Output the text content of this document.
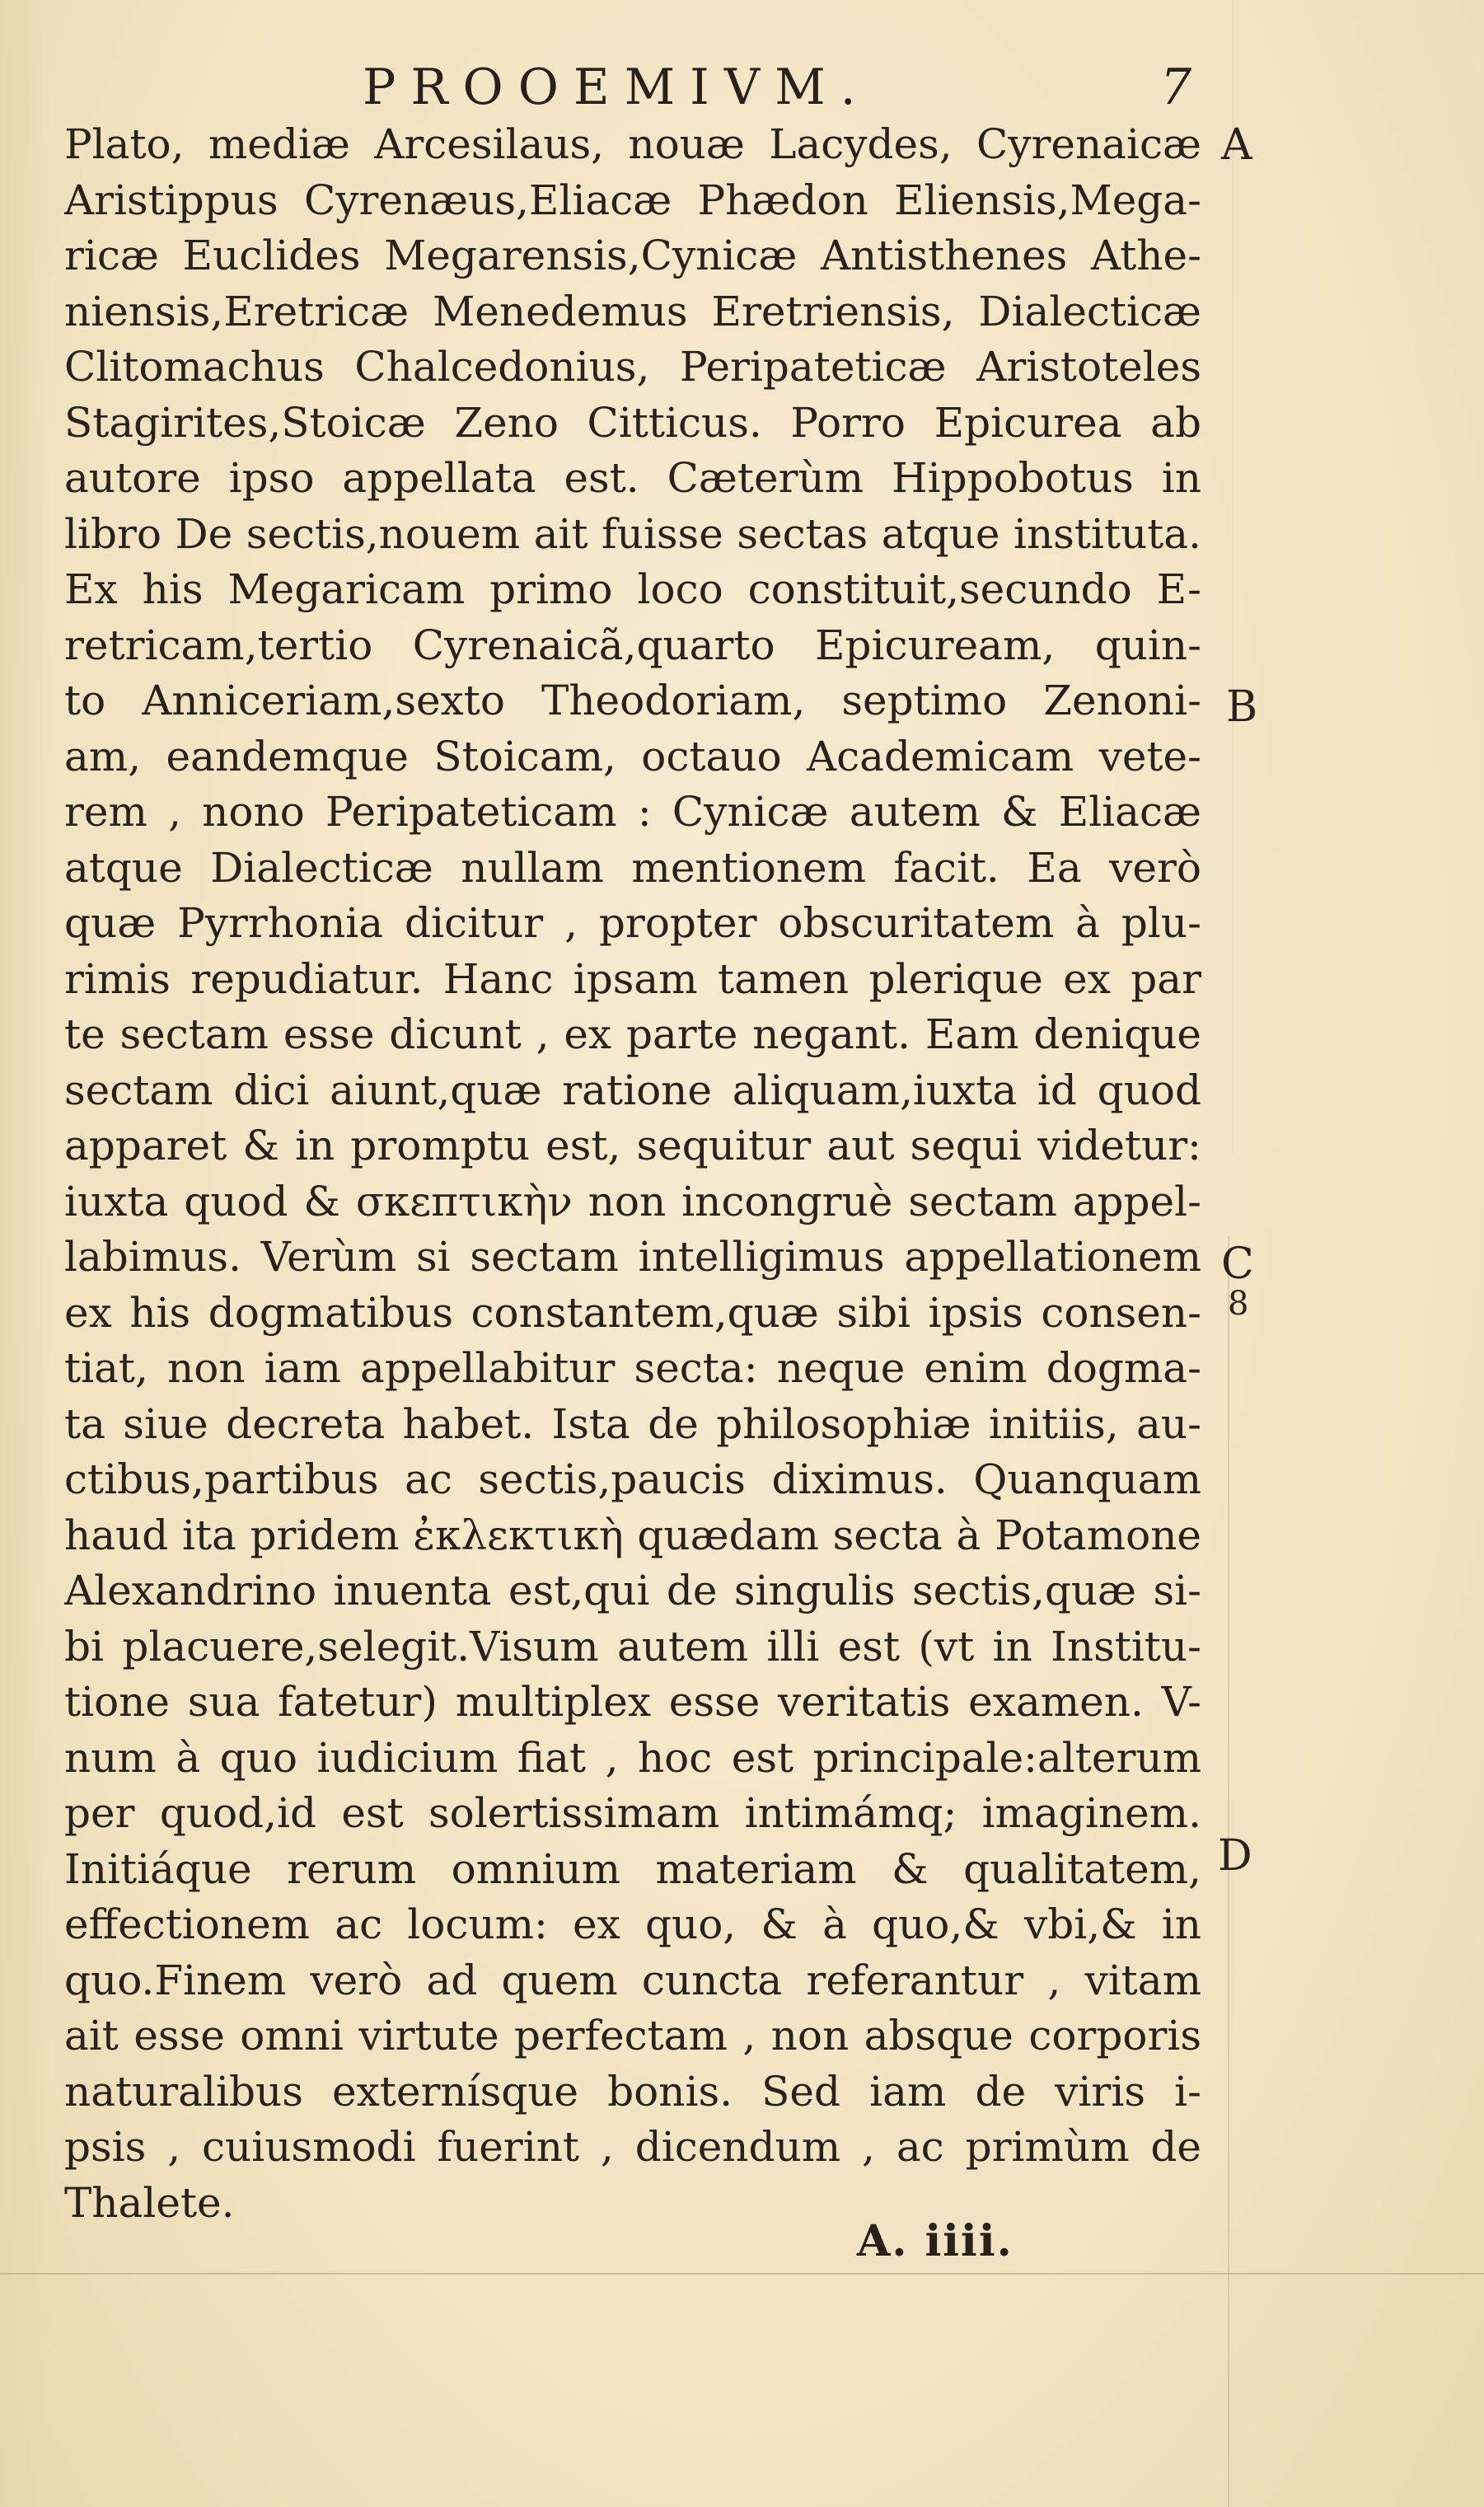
PROOEMIVM.	7
A
B
C
8
D
Plato, mediæ Arcesilaus, nouæ Lacydes, Cyrenaicæ
Aristippus Cyrenæus,Eliacæ Phædon Eliensis,Mega-
ricæ Euclides Megarensis,Cynicæ Antisthenes Athe-
niensis,Eretricæ Menedemus Eretriensis, Dialecticæ
Clitomachus Chalcedonius, Peripateticæ Aristoteles
Stagirites,Stoicæ Zeno Citticus. Porro Epicurea ab
autore ipso appellata est. Cæterùm Hippobotus in
libro De sectis,nouem ait fuisse sectas atque instituta.
Ex his Megaricam primo loco constituit,secundo E-
retricam,tertio Cyrenaicã,quarto Epicuream, quin-
to Anniceriam,sexto Theodoriam, septimo Zenoni-
am, eandemque Stoicam, octauo Academicam vete-
rem , nono Peripateticam : Cynicæ autem & Eliacæ
atque Dialecticæ nullam mentionem facit. Ea verò
quæ Pyrrhonia dicitur , propter obscuritatem à plu-
rimis repudiatur. Hanc ipsam tamen plerique ex par
te sectam esse dicunt , ex parte negant. Eam denique
sectam dici aiunt,quæ ratione aliquam,iuxta id quod
apparet & in promptu est, sequitur aut sequi videtur:
iuxta quod & σκεπτικὴν non incongruè sectam appel-
labimus. Verùm si sectam intelligimus appellationem
ex his dogmatibus constantem,quæ sibi ipsis consen-
tiat, non iam appellabitur secta: neque enim dogma-
ta siue decreta habet. Ista de philosophiæ initiis, au-
ctibus,partibus ac sectis,paucis diximus. Quanquam
haud ita pridem ἐκλεκτικὴ quædam secta à Potamone
Alexandrino inuenta est,qui de singulis sectis,quæ si-
bi placuere,selegit.Visum autem illi est (vt in Institu-
tione sua fatetur) multiplex esse veritatis examen. V-
num à quo iudicium fiat , hoc est principale:alterum
per quod,id est solertissimam intimámq; imaginem.
Initiáque rerum omnium materiam & qualitatem,
effectionem ac locum: ex quo, & à quo,& vbi,& in
quo.Finem verò ad quem cuncta referantur , vitam
ait esse omni virtute perfectam , non absque corporis
naturalibus externísque bonis. Sed iam de viris i-
psis , cuiusmodi fuerint , dicendum , ac primùm de
Thalete.
A. iiii.
